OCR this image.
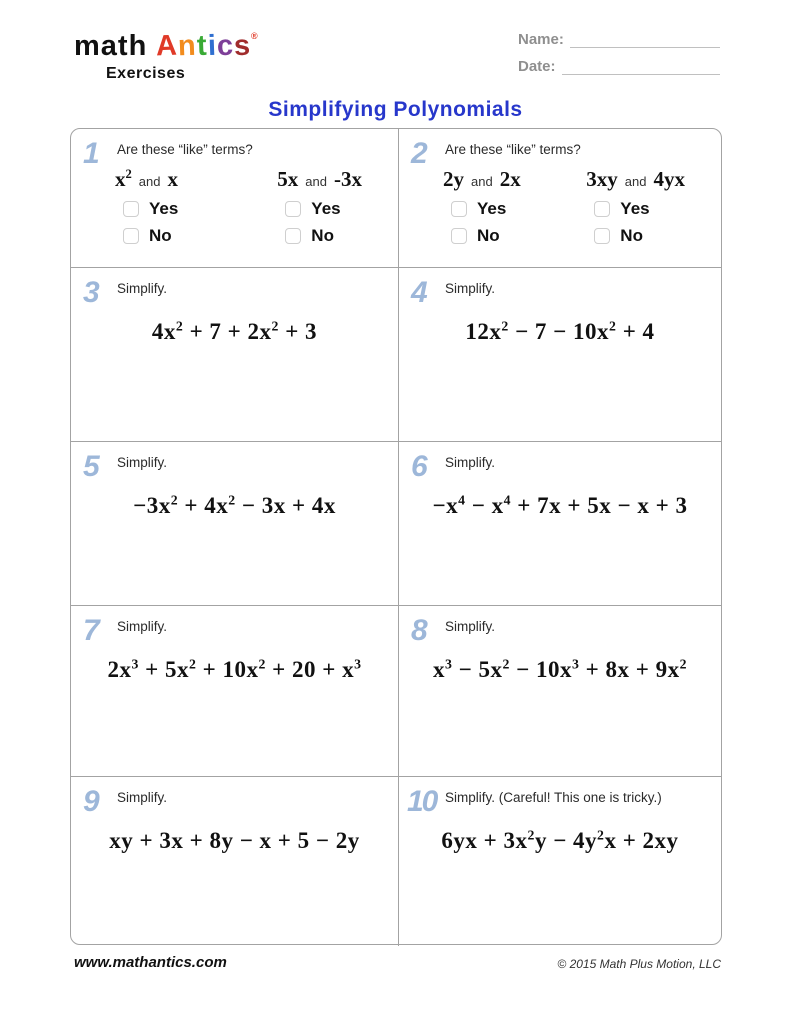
math Antics®
Exercises
Name:
Date:
Simplifying Polynomials
1	Are these “like” terms?
$x^2$ and x
Yes
No
5x and -3x
Yes
No
2	Are these “like” terms?
2y and 2x
Yes
No
3xy and 4yx
Yes
No
3	Simplify.
$4x^2 + 7 + 2x^2 + 3$
4	Simplify.
$12x^2 - 7 - 10x^2 + 4$
5	Simplify.
$-3x^2 + 4x^2 - 3x + 4x$
6	Simplify.
$-x^4 - x^4 + 7x + 5x - x + 3$
7	Simplify.
$2x^3 + 5x^2 + 10x^2 + 20 + x^3$
8	Simplify.
$x^3 - 5x^2 - 10x^3 + 8x + 9x^2$
9	Simplify.
xy + 3x + 8y − x + 5 − 2y
10 Simplify. (Careful! This one is tricky.)
$6yx + 3x^2y - 4y^2x + 2xy$
www.mathantics.com	© 2015 Math Plus Motion, LLC
